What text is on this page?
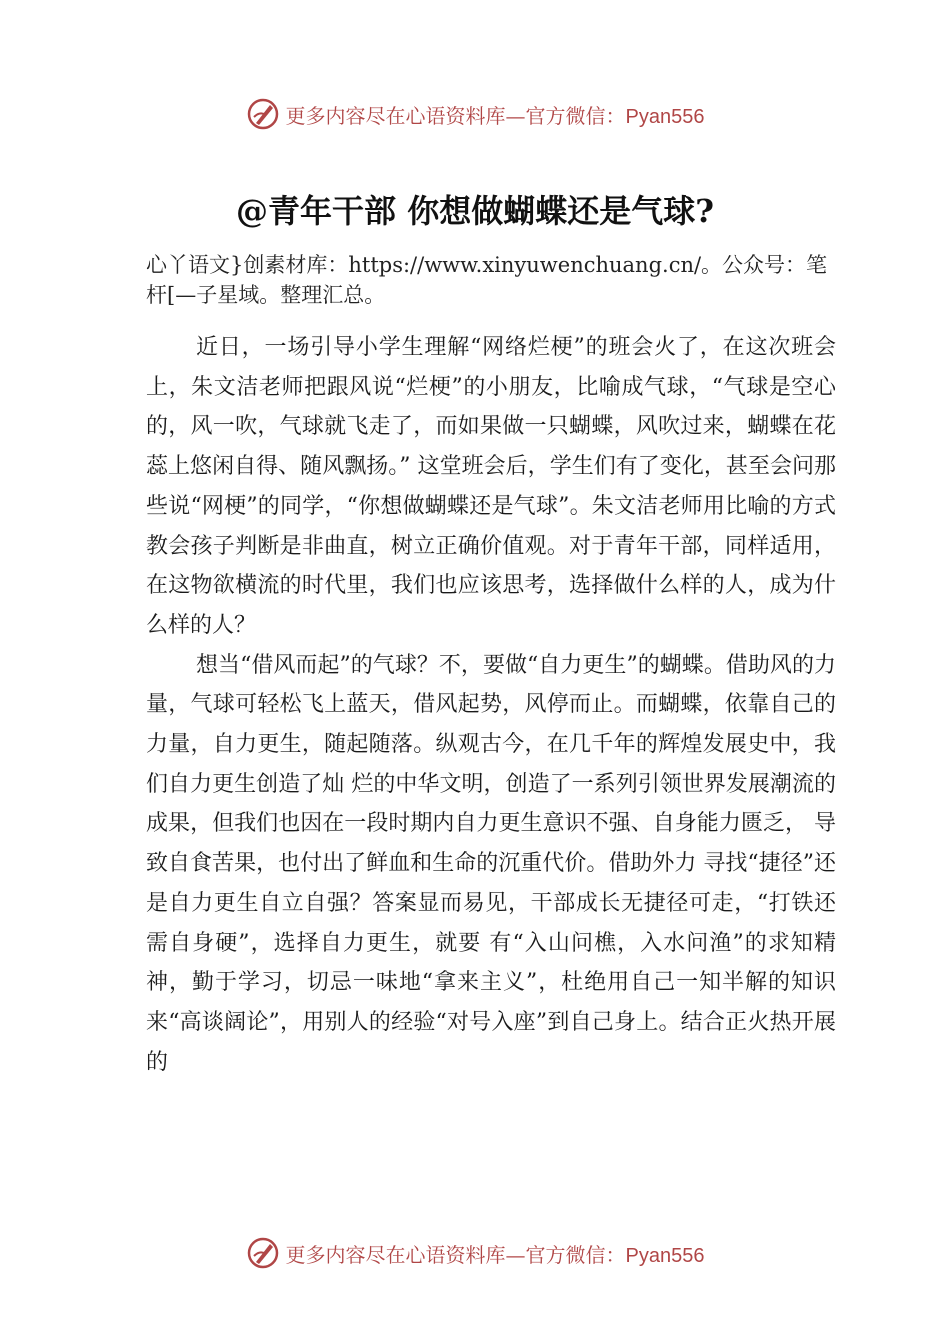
更多内容尽在心语资料库—官方微信：Pyan556
@青年干部 你想做蝴蝶还是气球?
心丫语文}创素材库：https://www.xinyuwenchuang.cn/。公众号：笔杆[—子星域。整理汇总。

近日，一场引导小学生理解“网络烂梗”的班会火了，在这次班会上，朱文洁老师把跟风说“烂梗”的小朋友，比喻成气球，“气球是空心的，风一吹，气球就飞走了，而如果做一只蝴蝶，风吹过来，蝴蝶在花蕊上悠闲自得、随风飘扬。” 这堂班会后，学生们有了变化，甚至会问那些说“网梗”的同学，“你想做蝴蝶还是气球”。朱文洁老师用比喻的方式教会孩子判断是非曲直，树立正确价值观。对于青年干部，同样适用，在这物欲横流的时代里，我们也应该思考，选择做什么样的人，成为什么样的人？

想当“借风而起”的气球？不，要做“自力更生”的蝴蝶。借助风的力量，气球可轻松飞上蓝天，借风起势，风停而止。而蝴蝶，依靠自己的力量，自力更生，随起随落。纵观古今，在几千年的辉煌发展史中，我们自力更生创造了灿 烂的中华文明，创造了一系列引领世界发展潮流的成果，但我们也因在一段时期内自力更生意识不强、自身能力匮乏， 导致自食苦果，也付出了鲜血和生命的沉重代价。借助外力 寻找“捷径”还是自力更生自立自强？答案显而易见，干部成长无捷径可走，“打铁还需自身硬”，选择自力更生，就要 有“入山问樵，入水问渔”的求知精神，勤于学习，切忌一味地“拿来主义”，杜绝用自己一知半解的知识来“高谈阔论”，用别人的经验“对号入座”到自己身上。结合正火热开展的

更多内容尽在心语资料库—官方微信：Pyan556
